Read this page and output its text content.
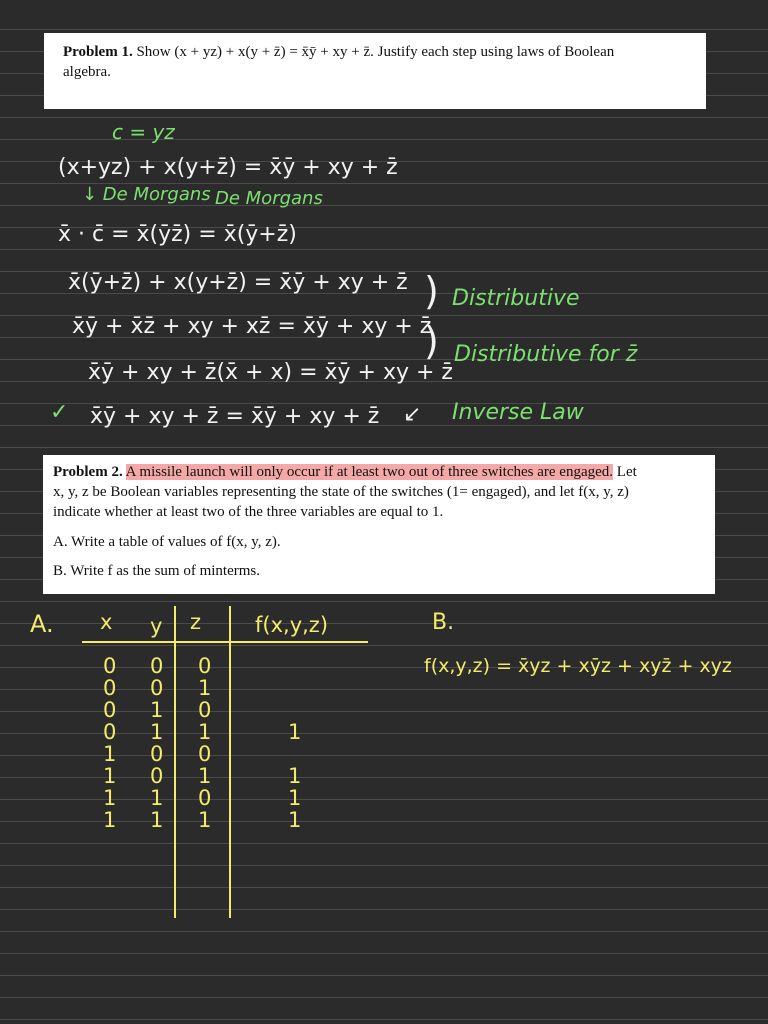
Problem 1. Show (x + yz) + x(y + z̄) = x̄ȳ + xy + z̄. Justify each step using laws of Boolean

algebra.

c = yz
(x+yz) + x(y+z̄) = x̄ȳ + xy + z̄
↓ De Morgans De Morgans
x̄ · c̄ = x̄(ȳz̄) = x̄(ȳ+z̄)
x̄(ȳ+z̄) + x(y+z̄) = x̄ȳ + xy + z̄
x̄ȳ + x̄z̄ + xy + xz̄ = x̄ȳ + xy + z̄
x̄ȳ + xy + z̄(x̄ + x) = x̄ȳ + xy + z̄
✓ x̄ȳ + xy + z̄ = x̄ȳ + xy + z̄
)
)
↙
Distributive
Distributive for z̄
Inverse Law

Problem 2. A missile launch will only occur if at least two out of three switches are engaged. Let

x, y, z be Boolean variables representing the state of the switches (1= engaged), and let f(x, y, z)

indicate whether at least two of the three variables are equal to 1.

A. Write a table of values of f(x, y, z).

B. Write f as the sum of minterms.

A.	B.
x y z	f(x,y,z)
0 0 0
0 0 1
0 1 0
0 1 1	1
1 0 0
1 0 1	1
1 1 0	1
1 1 1	1
f(x,y,z) = x̄yz + xȳz + xyz̄ + xyz
